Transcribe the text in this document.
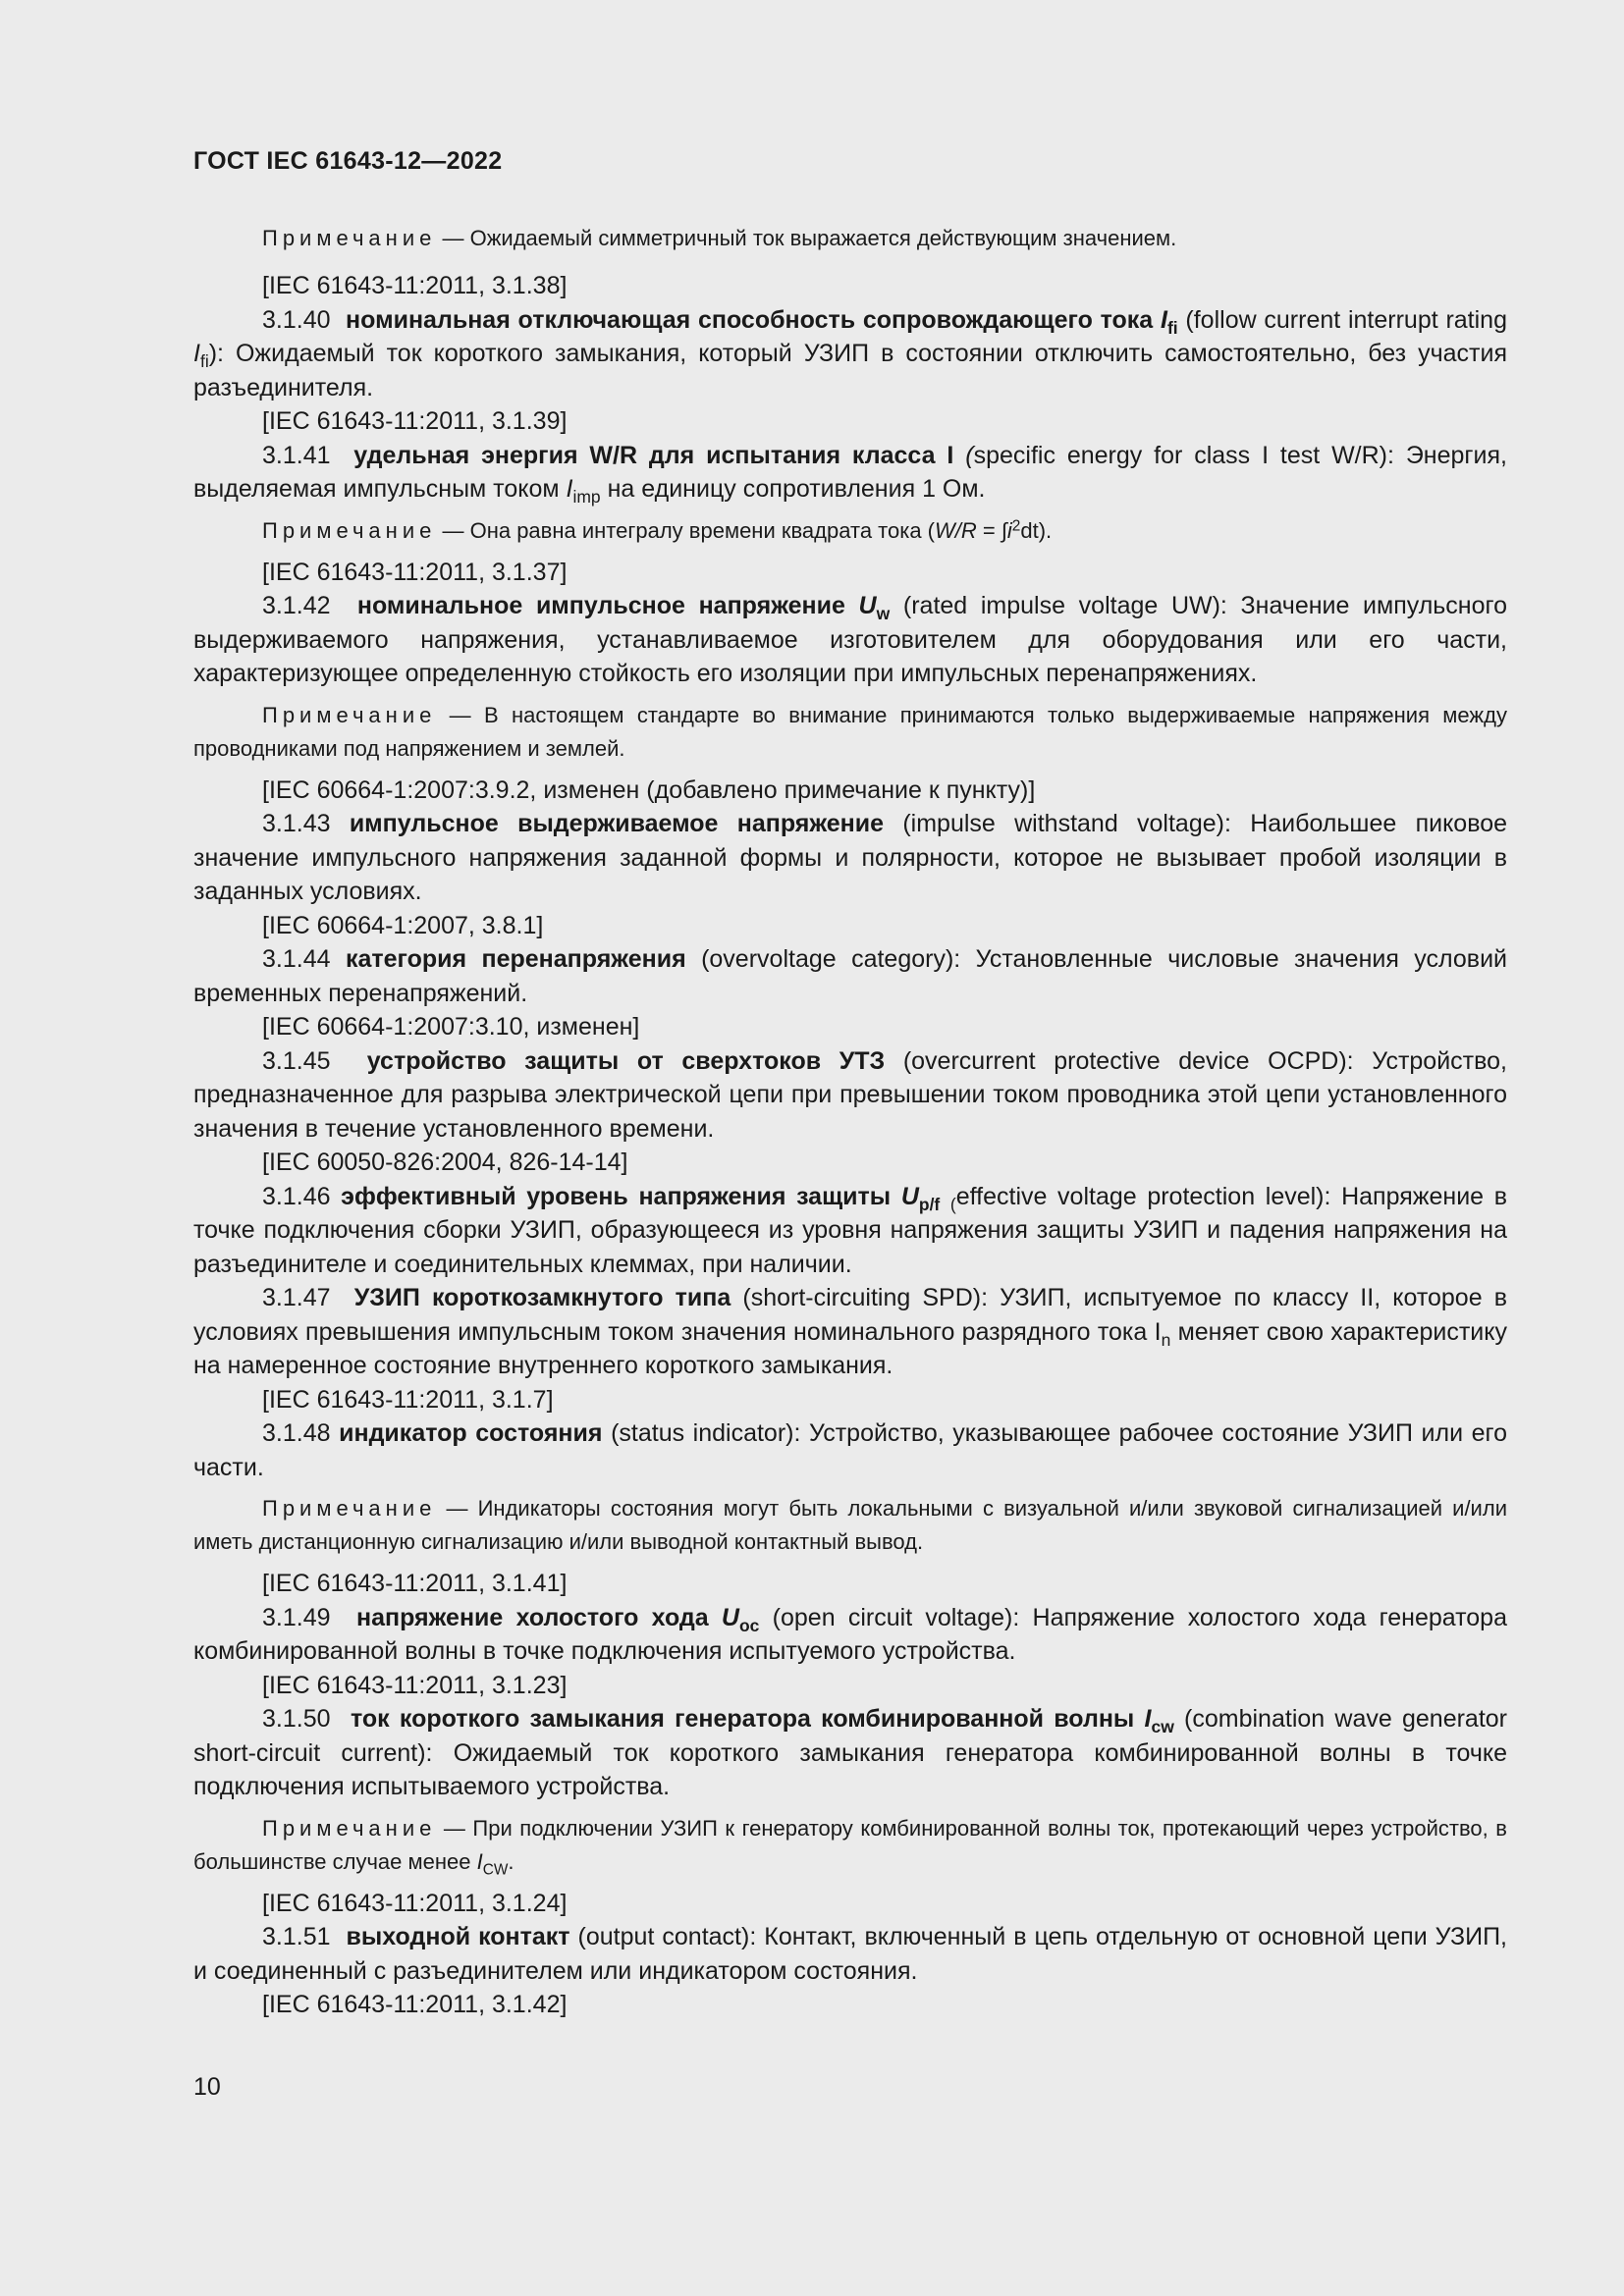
ГОСТ IEC 61643-12—2022

Примечание — Ожидаемый симметричный ток выражается действующим значением.

[IEC 61643-11:2011, 3.1.38]

3.1.40 номинальная отключающая способность сопровождающего тока $I_{fi}$ (follow current interrupt rating $I_{fi}$): Ожидаемый ток короткого замыкания, который УЗИП в состоянии отключить самостоятельно, без участия разъединителя.

[IEC 61643-11:2011, 3.1.39]

3.1.41 удельная энергия W/R для испытания класса I (specific energy for class I test W/R): Энергия, выделяемая импульсным током $I_{imp}$ на единицу сопротивления 1 Ом.

Примечание — Она равна интегралу времени квадрата тока $(W/R = \int i^2dt)$.

[IEC 61643-11:2011, 3.1.37]

3.1.42 номинальное импульсное напряжение $U_w$ (rated impulse voltage UW): Значение импульсного выдерживаемого напряжения, устанавливаемое изготовителем для оборудования или его части, характеризующее определенную стойкость его изоляции при импульсных перенапряжениях.

Примечание — В настоящем стандарте во внимание принимаются только выдерживаемые напряжения между проводниками под напряжением и землей.

[IEC 60664-1:2007:3.9.2, изменен (добавлено примечание к пункту)]

3.1.43 импульсное выдерживаемое напряжение (impulse withstand voltage): Наибольшее пиковое значение импульсного напряжения заданной формы и полярности, которое не вызывает пробой изоляции в заданных условиях.

[IEC 60664-1:2007, 3.8.1]

3.1.44 категория перенапряжения (overvoltage category): Установленные числовые значения условий временных перенапряжений.

[IEC 60664-1:2007:3.10, изменен]

3.1.45 устройство защиты от сверхтоков УТЗ (overcurrent protective device OCPD): Устройство, предназначенное для разрыва электрической цепи при превышении током проводника этой цепи установленного значения в течение установленного времени.

[IEC 60050-826:2004, 826-14-14]

3.1.46 эффективный уровень напряжения защиты $U_{p/f}$ $_($effective voltage protection level): Напряжение в точке подключения сборки УЗИП, образующееся из уровня напряжения защиты УЗИП и падения напряжения на разъединителе и соединительных клеммах, при наличии.

3.1.47 УЗИП короткозамкнутого типа (short-circuiting SPD): УЗИП, испытуемое по классу II, которое в условиях превышения импульсным током значения номинального разрядного тока $I_n$ меняет свою характеристику на намеренное состояние внутреннего короткого замыкания.

[IEC 61643-11:2011, 3.1.7]

3.1.48 индикатор состояния (status indicator): Устройство, указывающее рабочее состояние УЗИП или его части.

Примечание — Индикаторы состояния могут быть локальными с визуальной и/или звуковой сигнализацией и/или иметь дистанционную сигнализацию и/или выводной контактный вывод.

[IEC 61643-11:2011, 3.1.41]

3.1.49 напряжение холостого хода $U_{oc}$ (open circuit voltage): Напряжение холостого хода генератора комбинированной волны в точке подключения испытуемого устройства.

[IEC 61643-11:2011, 3.1.23]

3.1.50 ток короткого замыкания генератора комбинированной волны $I_{cw}$ (combination wave generator short-circuit current): Ожидаемый ток короткого замыкания генератора комбинированной волны в точке подключения испытываемого устройства.

Примечание — При подключении УЗИП к генератору комбинированной волны ток, протекающий через устройство, в большинстве случае менее $I_{CW}$.

[IEC 61643-11:2011, 3.1.24]

3.1.51 выходной контакт (output contact): Контакт, включенный в цепь отдельную от основной цепи УЗИП, и соединенный с разъединителем или индикатором состояния.

[IEC 61643-11:2011, 3.1.42]

10
